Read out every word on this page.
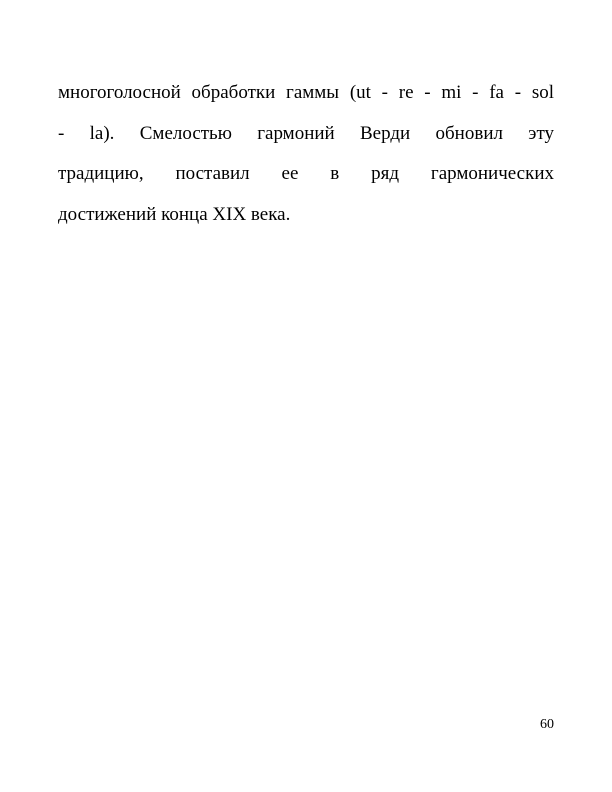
многоголосной обработки гаммы (ut - re - mi - fa - sol
- la). Смелостью гармоний Верди обновил эту
традицию, поставил ее в ряд гармонических
достижений конца XIX века.
60
